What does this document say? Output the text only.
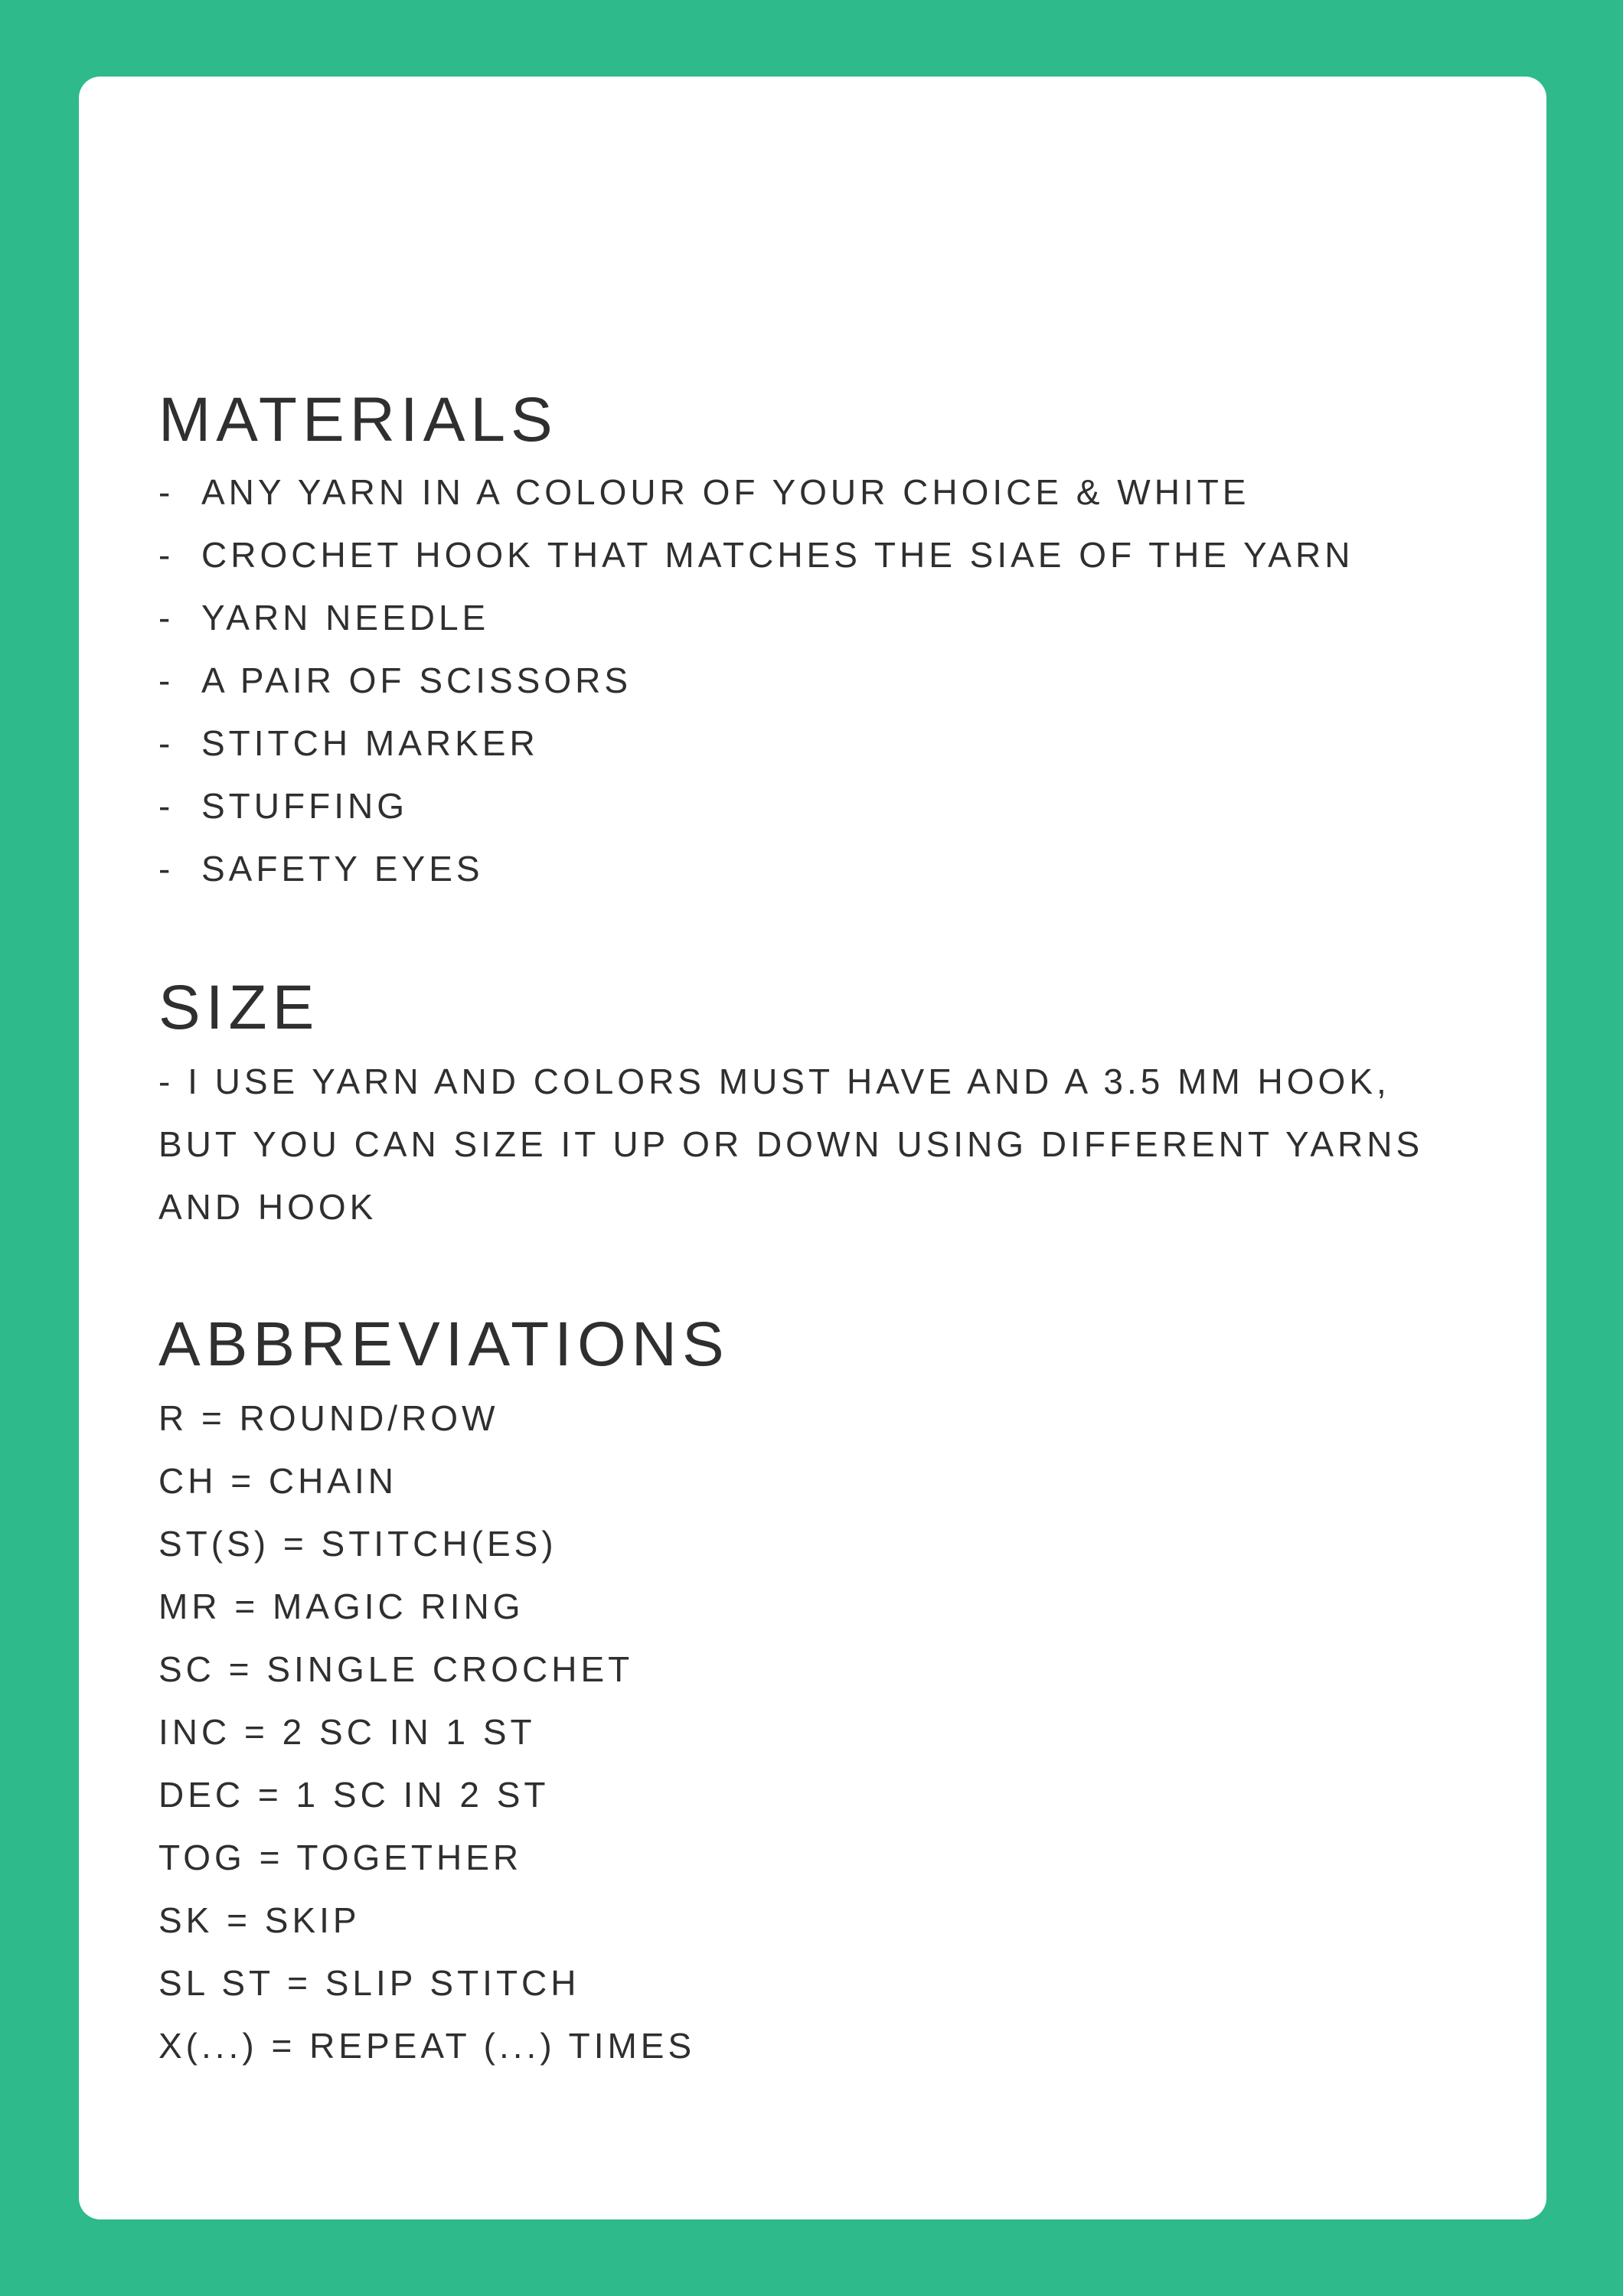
MATERIALS
- ANY YARN IN A COLOUR OF YOUR CHOICE & WHITE
- CROCHET HOOK THAT MATCHES THE SIAE OF THE YARN
- YARN NEEDLE
- A PAIR OF SCISSORS
- STITCH MARKER
- STUFFING
- SAFETY EYES
SIZE

- I USE YARN AND COLORS MUST HAVE AND A 3.5 MM HOOK,
BUT YOU CAN SIZE IT UP OR DOWN USING DIFFERENT YARNS
AND HOOK

ABBREVIATIONS
R = ROUND/ROW
CH = CHAIN
ST(S) = STITCH(ES)
MR = MAGIC RING
SC = SINGLE CROCHET
INC = 2 SC IN 1 ST
DEC = 1 SC IN 2 ST
TOG = TOGETHER
SK = SKIP
SL ST = SLIP STITCH
X(...) = REPEAT (...) TIMES
